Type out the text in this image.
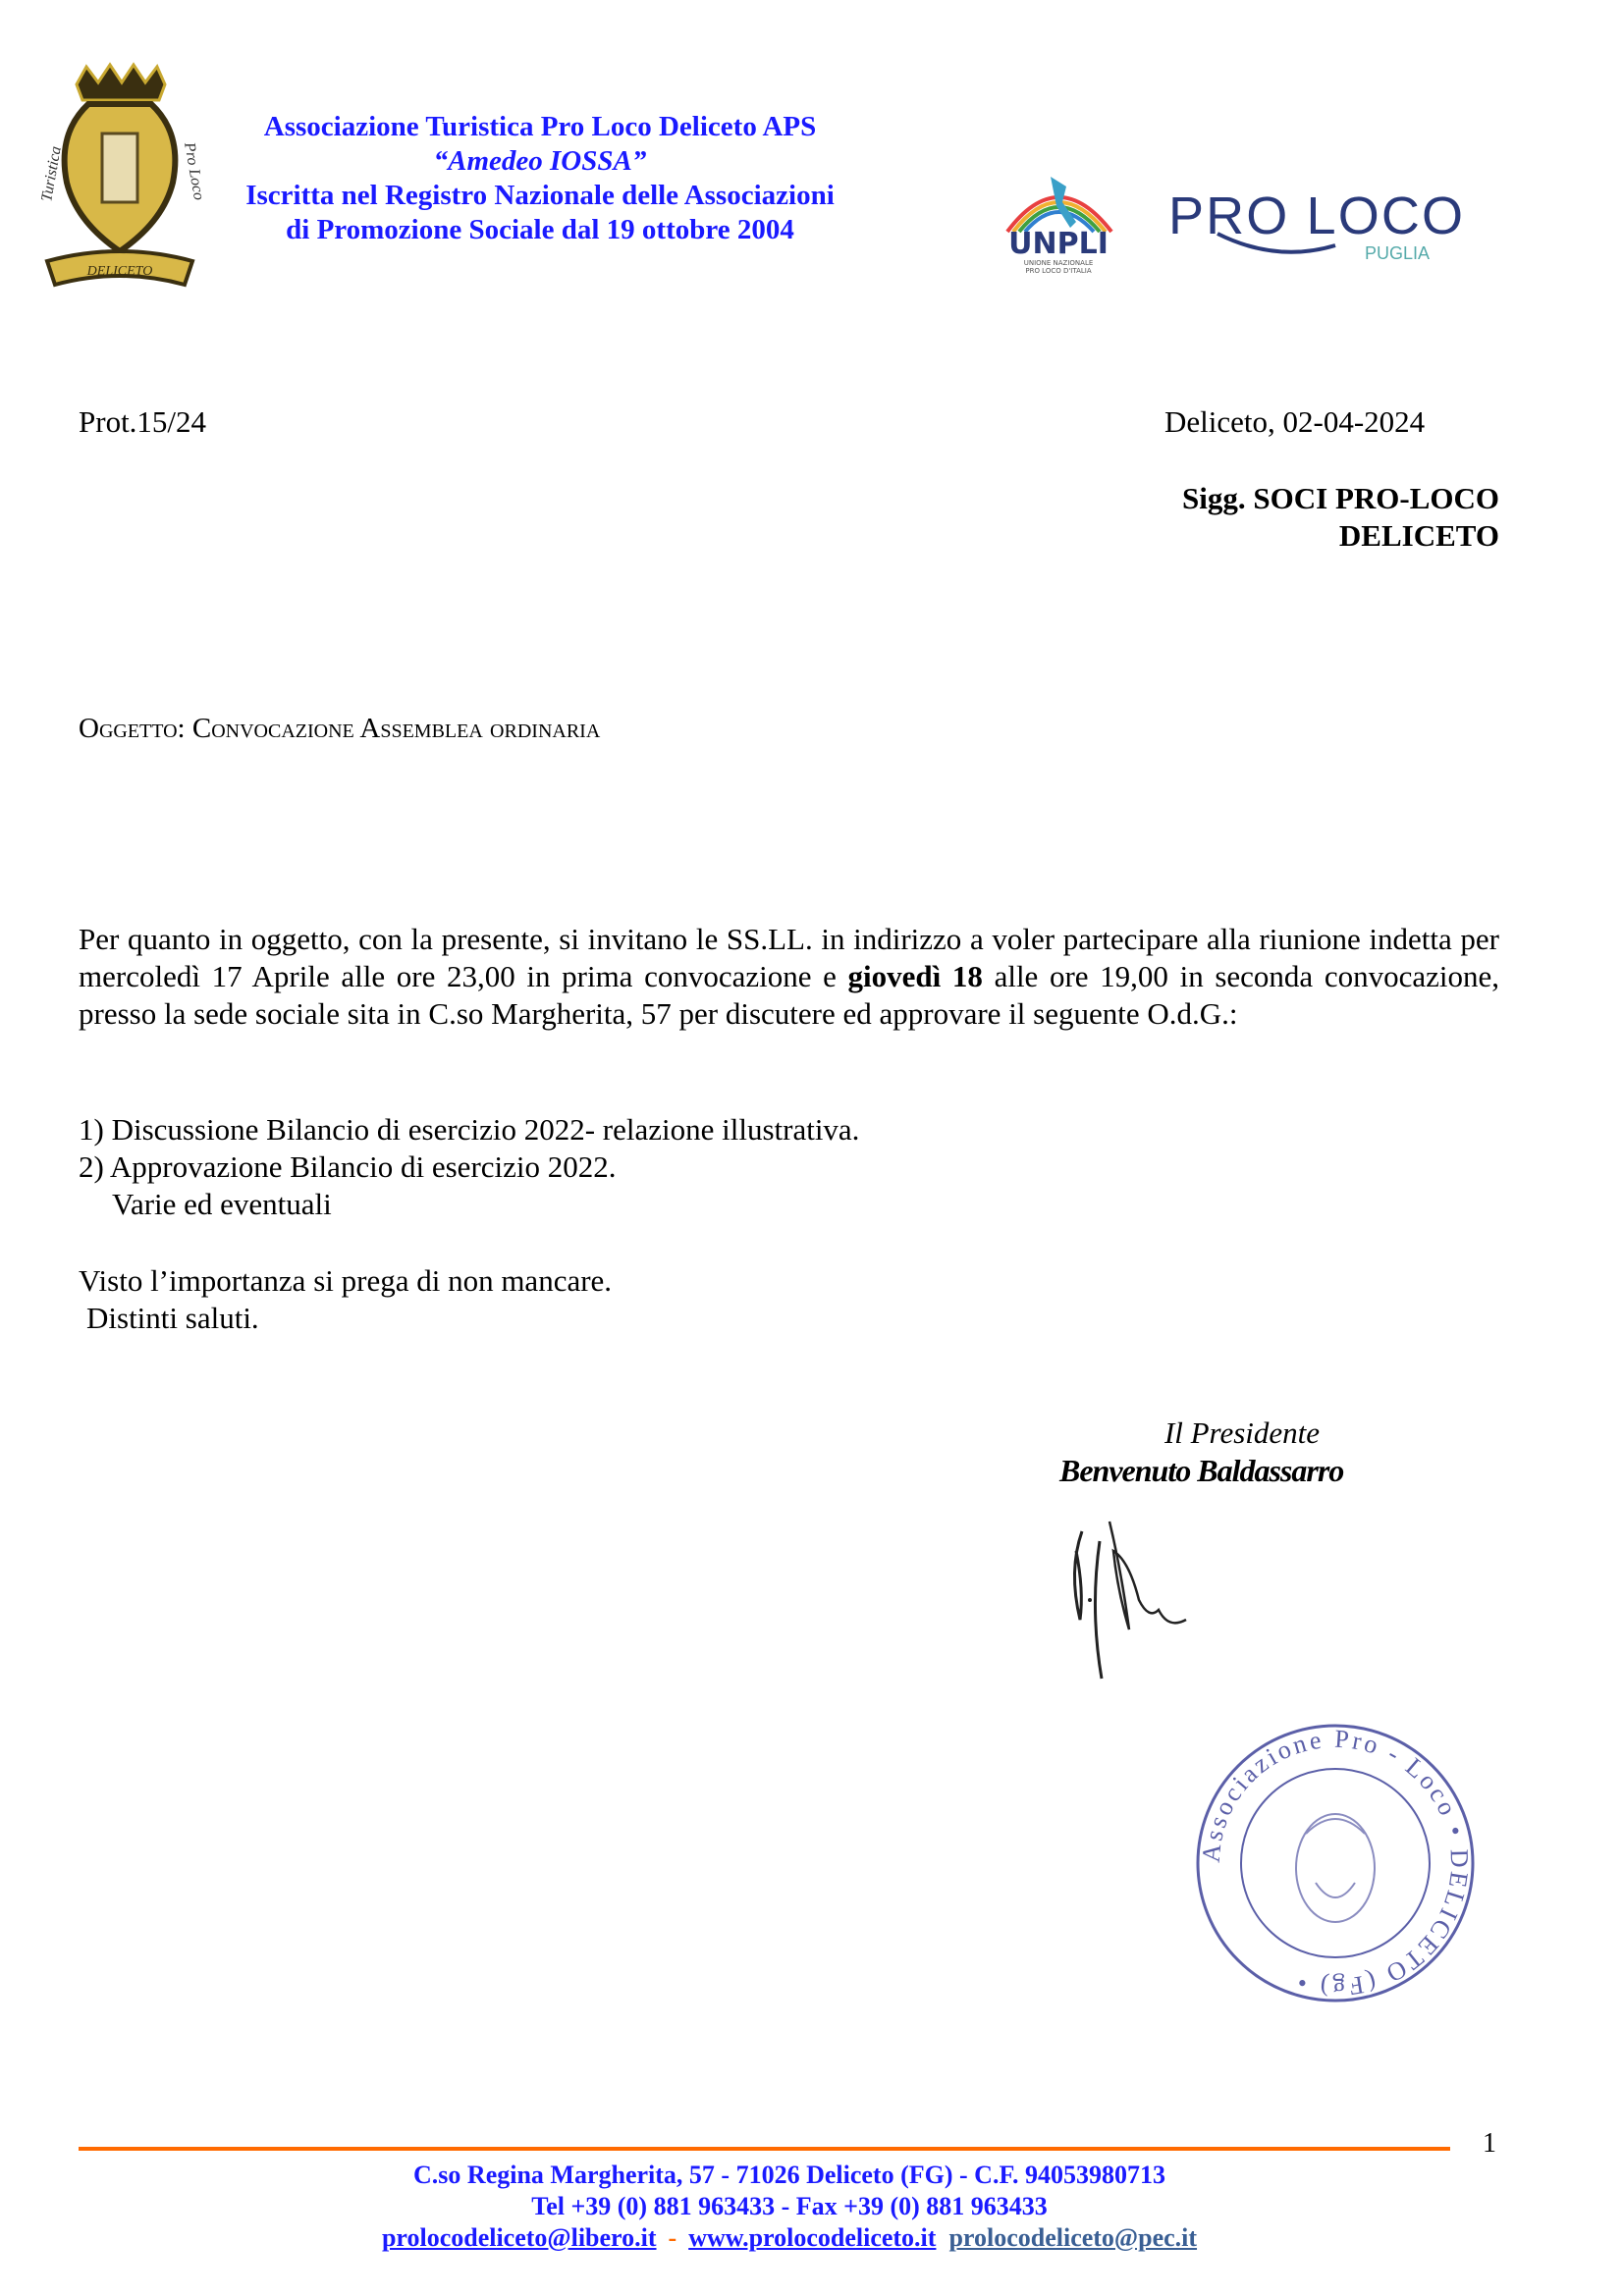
Turistica	Pro Loco
DELICETO
Associazione Turistica Pro Loco Deliceto APS
“Amedeo IOSSA”
Iscritta nel Registro Nazionale delle Associazioni
di Promozione Sociale dal 19 ottobre 2004	UNPLI
UNIONE NAZIONALE
PRO LOCO D'ITALIA
PRO LOCO
PUGLIA
Prot.15/24	Deliceto, 02-04-2024
Sigg. SOCI PRO-LOCO
DELICETO
Oggetto: Convocazione Assemblea ordinaria
Per quanto in oggetto, con la presente, si invitano le SS.LL. in indirizzo a voler partecipare alla riunione indetta per mercoledì 17 Aprile alle ore 23,00 in prima convocazione e giovedì 18 alle ore 19,00 in seconda convocazione, presso la sede sociale sita in C.so Margherita, 57 per discutere ed approvare il seguente O.d.G.:
1) Discussione Bilancio di esercizio 2022- relazione illustrativa.
2) Approvazione Bilancio di esercizio 2022.
Varie ed eventuali
Visto l’importanza si prega di non mancare.
Distinti saluti.
Il Presidente
Benvenuto Baldassarro
Associazione Pro - Loco • DELICETO (Fg) •
1
C.so Regina Margherita, 57 - 71026 Deliceto (FG) - C.F. 94053980713
Tel +39 (0) 881 963433 - Fax +39 (0) 881 963433
prolocodeliceto@libero.it - www.prolocodeliceto.it prolocodeliceto@pec.it
